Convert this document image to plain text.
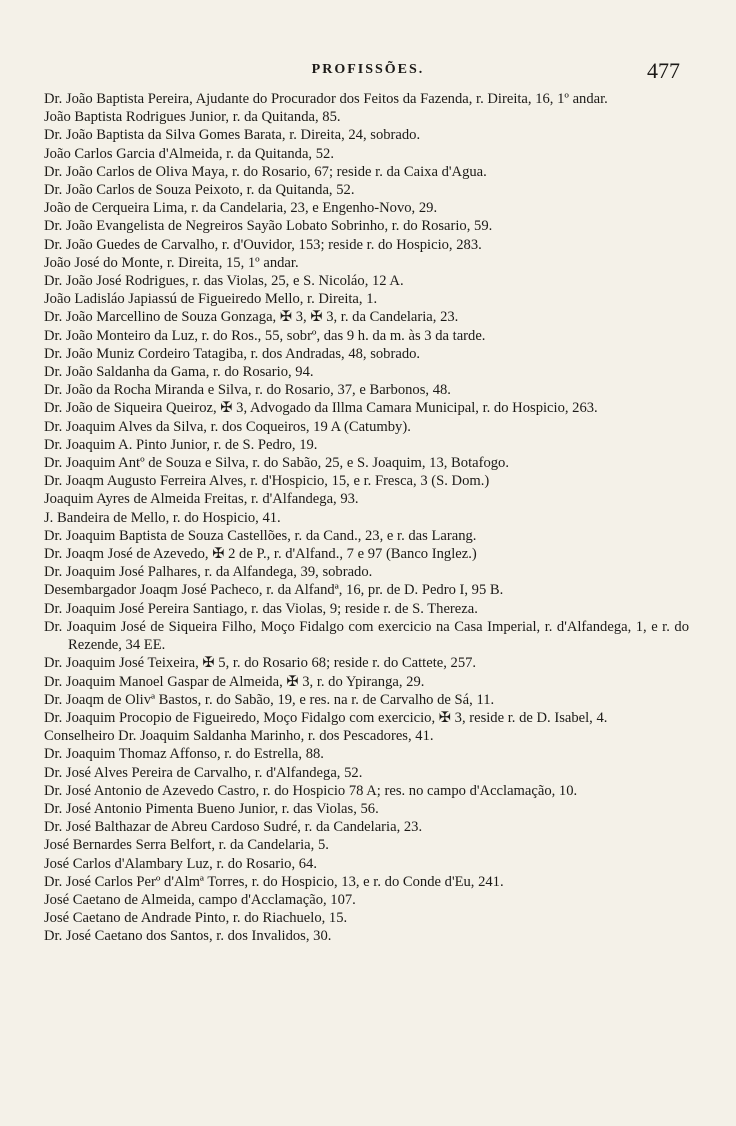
PROFISSÕES.	477
Dr. João Baptista Pereira, Ajudante do Procurador dos Feitos da Fazenda, r. Direita, 16, 1º andar.
João Baptista Rodrigues Junior, r. da Quitanda, 85.
Dr. João Baptista da Silva Gomes Barata, r. Direita, 24, sobrado.
João Carlos Garcia d'Almeida, r. da Quitanda, 52.
Dr. João Carlos de Oliva Maya, r. do Rosario, 67; reside r. da Caixa d'Agua.
Dr. João Carlos de Souza Peixoto, r. da Quitanda, 52.
João de Cerqueira Lima, r. da Candelaria, 23, e Engenho-Novo, 29.
Dr. João Evangelista de Negreiros Sayão Lobato Sobrinho, r. do Rosario, 59.
Dr. João Guedes de Carvalho, r. d'Ouvidor, 153; reside r. do Hospicio, 283.
João José do Monte, r. Direita, 15, 1º andar.
Dr. João José Rodrigues, r. das Violas, 25, e S. Nicoláo, 12 A.
João Ladisláo Japiassú de Figueiredo Mello, r. Direita, 1.
Dr. João Marcellino de Souza Gonzaga, ✠ 3, ✠ 3, r. da Candelaria, 23.
Dr. João Monteiro da Luz, r. do Ros., 55, sobrº, das 9 h. da m. às 3 da tarde.
Dr. João Muniz Cordeiro Tatagiba, r. dos Andradas, 48, sobrado.
Dr. João Saldanha da Gama, r. do Rosario, 94.
Dr. João da Rocha Miranda e Silva, r. do Rosario, 37, e Barbonos, 48.
Dr. João de Siqueira Queiroz, ✠ 3, Advogado da Illma Camara Municipal, r. do Hospicio, 263.
Dr. Joaquim Alves da Silva, r. dos Coqueiros, 19 A (Catumby).
Dr. Joaquim A. Pinto Junior, r. de S. Pedro, 19.
Dr. Joaquim Antº de Souza e Silva, r. do Sabão, 25, e S. Joaquim, 13, Botafogo.
Dr. Joaqm Augusto Ferreira Alves, r. d'Hospicio, 15, e r. Fresca, 3 (S. Dom.)
Joaquim Ayres de Almeida Freitas, r. d'Alfandega, 93.
J. Bandeira de Mello, r. do Hospicio, 41.
Dr. Joaquim Baptista de Souza Castellões, r. da Cand., 23, e r. das Larang.
Dr. Joaqm José de Azevedo, ✠ 2 de P., r. d'Alfand., 7 e 97 (Banco Inglez.)
Dr. Joaquim José Palhares, r. da Alfandega, 39, sobrado.
Desembargador Joaqm José Pacheco, r. da Alfandª, 16, pr. de D. Pedro I, 95 B.
Dr. Joaquim José Pereira Santiago, r. das Violas, 9; reside r. de S. Thereza.
Dr. Joaquim José de Siqueira Filho, Moço Fidalgo com exercicio na Casa Imperial, r. d'Alfandega, 1, e r. do Rezende, 34 EE.
Dr. Joaquim José Teixeira, ✠ 5, r. do Rosario 68; reside r. do Cattete, 257.
Dr. Joaquim Manoel Gaspar de Almeida, ✠ 3, r. do Ypiranga, 29.
Dr. Joaqm de Olivª Bastos, r. do Sabão, 19, e res. na r. de Carvalho de Sá, 11.
Dr. Joaquim Procopio de Figueiredo, Moço Fidalgo com exercicio, ✠ 3, reside r. de D. Isabel, 4.
Conselheiro Dr. Joaquim Saldanha Marinho, r. dos Pescadores, 41.
Dr. Joaquim Thomaz Affonso, r. do Estrella, 88.
Dr. José Alves Pereira de Carvalho, r. d'Alfandega, 52.
Dr. José Antonio de Azevedo Castro, r. do Hospicio 78 A; res. no campo d'Acclamação, 10.
Dr. José Antonio Pimenta Bueno Junior, r. das Violas, 56.
Dr. José Balthazar de Abreu Cardoso Sudré, r. da Candelaria, 23.
José Bernardes Serra Belfort, r. da Candelaria, 5.
José Carlos d'Alambary Luz, r. do Rosario, 64.
Dr. José Carlos Perº d'Almª Torres, r. do Hospicio, 13, e r. do Conde d'Eu, 241.
José Caetano de Almeida, campo d'Acclamação, 107.
José Caetano de Andrade Pinto, r. do Riachuelo, 15.
Dr. José Caetano dos Santos, r. dos Invalidos, 30.
